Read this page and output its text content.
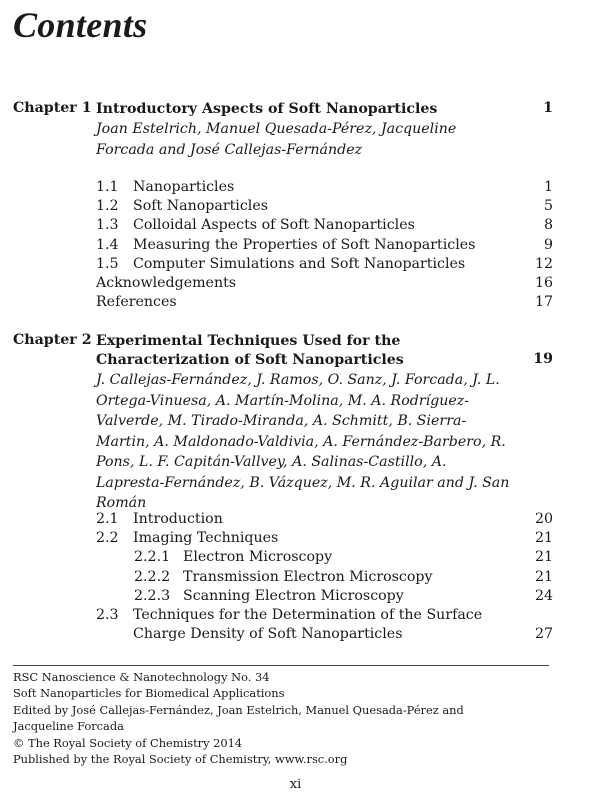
Contents
Chapter 1 Introductory Aspects of Soft Nanoparticles	1
Joan Estelrich, Manuel Quesada-Pérez, Jacqueline Forcada and José Callejas-Fernández
1.1 Nanoparticles	1
1.2 Soft Nanoparticles	5
1.3 Colloidal Aspects of Soft Nanoparticles	8
1.4 Measuring the Properties of Soft Nanoparticles	9
1.5 Computer Simulations and Soft Nanoparticles	12
Acknowledgements	16
References	17
Chapter 2 Experimental Techniques Used for the Characterization of Soft Nanoparticles	19
J. Callejas-Fernández, J. Ramos, O. Sanz, J. Forcada, J. L. Ortega-Vinuesa, A. Martín-Molina, M. A. Rodríguez-Valverde, M. Tirado-Miranda, A. Schmitt, B. Sierra-Martin, A. Maldonado-Valdivia, A. Fernández-Barbero, R. Pons, L. F. Capitán-Vallvey, A. Salinas-Castillo, A. Lapresta-Fernández, B. Vázquez, M. R. Aguilar and J. San Román
2.1 Introduction	20
2.2 Imaging Techniques	21
2.2.1 Electron Microscopy	21
2.2.2 Transmission Electron Microscopy	21
2.2.3 Scanning Electron Microscopy	24
2.3 Techniques for the Determination of the Surface Charge Density of Soft Nanoparticles	27
RSC Nanoscience & Nanotechnology No. 34
Soft Nanoparticles for Biomedical Applications
Edited by José Callejas-Fernández, Joan Estelrich, Manuel Quesada-Pérez and
Jacqueline Forcada
© The Royal Society of Chemistry 2014
Published by the Royal Society of Chemistry, www.rsc.org
xi
